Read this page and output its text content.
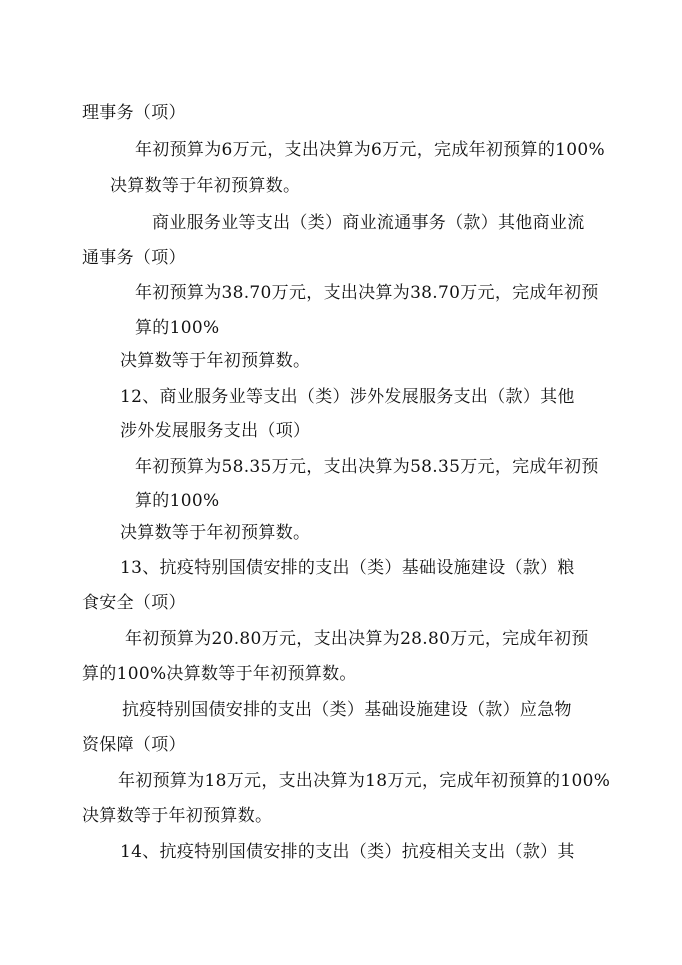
理事务（项）
年初预算为6万元，支出决算为6万元，完成年初预算的100%
决算数等于年初预算数。
商业服务业等支出（类）商业流通事务（款）其他商业流
通事务（项）
年初预算为38.70万元，支出决算为38.70万元，完成年初预
算的100%
决算数等于年初预算数。
12、商业服务业等支出（类）涉外发展服务支出（款）其他
涉外发展服务支出（项）
年初预算为58.35万元，支出决算为58.35万元，完成年初预
算的100%
决算数等于年初预算数。
13、抗疫特别国债安排的支出（类）基础设施建设（款）粮
食安全（项）
年初预算为20.80万元，支出决算为28.80万元，完成年初预
算的100%决算数等于年初预算数。
抗疫特别国债安排的支出（类）基础设施建设（款）应急物
资保障（项）
年初预算为18万元，支出决算为18万元，完成年初预算的100%
决算数等于年初预算数。
14、抗疫特别国债安排的支出（类）抗疫相关支出（款）其
